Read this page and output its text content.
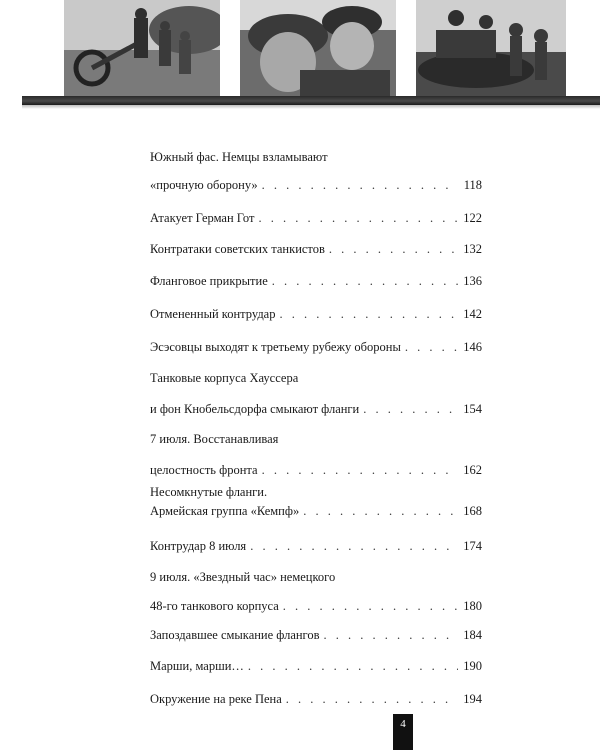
Южный фас. Немцы взламывают
«прочную оборону» . . .	118
Атакует Герман Гот . . .	122
Контратаки советских танкистов . . .	132
Фланговое прикрытие . . .	136
Отмененный контрудар . . .	142
Эсэсовцы выходят к третьему рубежу обороны . . .	146
Танковые корпуса Хауссера
и фон Кнобельсдорфа смыкают фланги . . .	154
7 июля. Восстанавливая
целостность фронта . . .	162
Несомкнутые фланги.
Армейская группа «Кемпф» . . .	168
Контрудар 8 июля . . .	174
9 июля. «Звездный час» немецкого
48-го танкового корпуса . . .	180
Запоздавшее смыкание флангов . . .	184
Марши, марши… . . .	190
Окружение на реке Пена . . .	194
4
